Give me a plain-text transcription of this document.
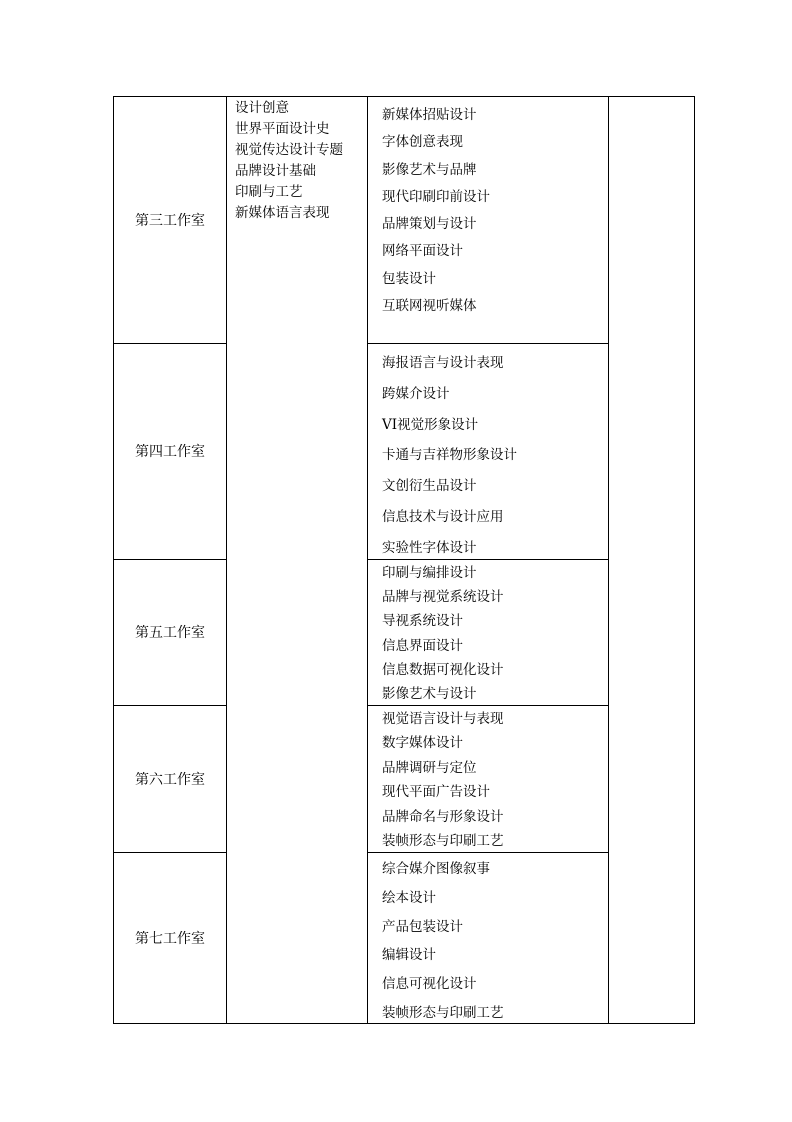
设计创意
世界平面设计史
视觉传达设计专题
品牌设计基础
印刷与工艺
新媒体语言表现
第三工作室
新媒体招贴设计
字体创意表现
影像艺术与品牌
现代印刷印前设计
品牌策划与设计
网络平面设计
包装设计
互联网视听媒体
第四工作室
海报语言与设计表现
跨媒介设计
VI视觉形象设计
卡通与吉祥物形象设计
文创衍生品设计
信息技术与设计应用
实验性字体设计
第五工作室
印刷与编排设计
品牌与视觉系统设计
导视系统设计
信息界面设计
信息数据可视化设计
影像艺术与设计
第六工作室
视觉语言设计与表现
数字媒体设计
品牌调研与定位
现代平面广告设计
品牌命名与形象设计
装帧形态与印刷工艺
第七工作室
综合媒介图像叙事
绘本设计
产品包装设计
编辑设计
信息可视化设计
装帧形态与印刷工艺
